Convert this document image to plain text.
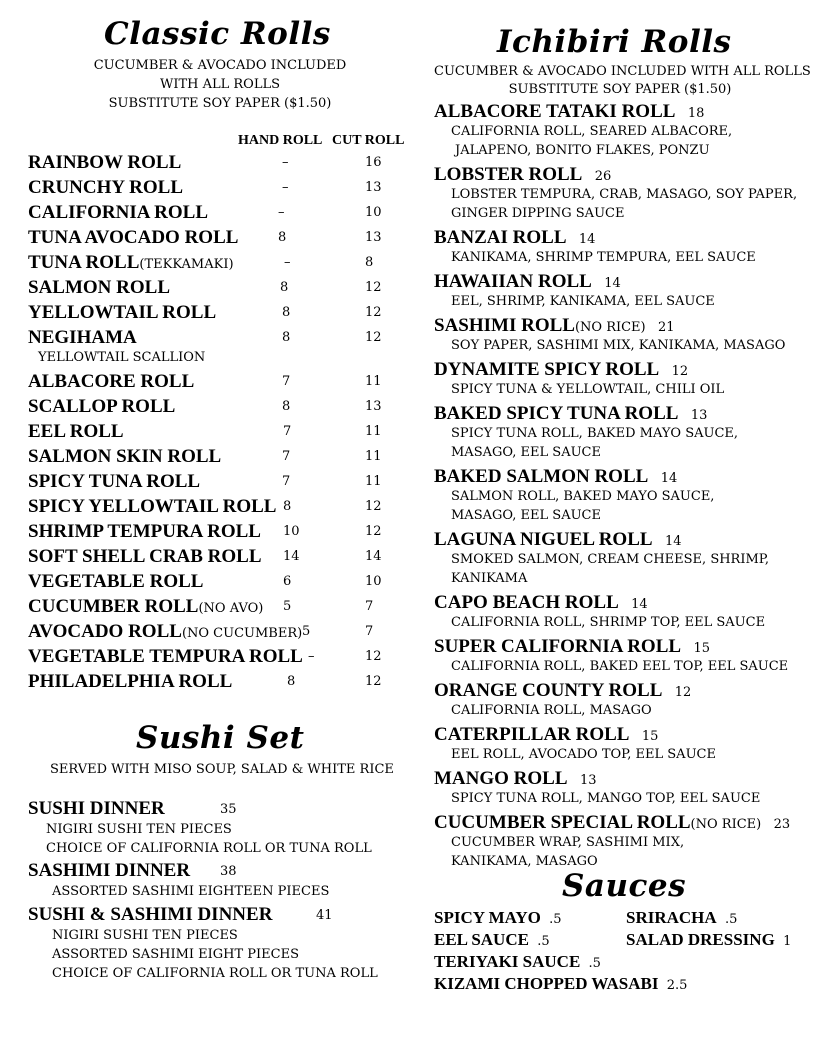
Classic Rolls
CUCUMBER & AVOCADO INCLUDED
WITH ALL ROLLS
SUBSTITUTE SOY PAPER ($1.50)
HAND ROLL CUT ROLL
RAINBOW ROLL	–	16
CRUNCHY ROLL	–	13
CALIFORNIA ROLL	–	10
TUNA AVOCADO ROLL	8	13
TUNA ROLL(TEKKAMAKI)	–	8
SALMON ROLL	8	12
YELLOWTAIL ROLL	8	12
NEGIHAMA	8	12
YELLOWTAIL SCALLION
ALBACORE ROLL	7	11
SCALLOP ROLL	8	13
EEL ROLL	7	11
SALMON SKIN ROLL	7	11
SPICY TUNA ROLL	7	11
SPICY YELLOWTAIL ROLL 8	12
SHRIMP TEMPURA ROLL 10	12
SOFT SHELL CRAB ROLL 14	14
VEGETABLE ROLL	6	10
CUCUMBER ROLL(NO AVO) 5	7
AVOCADO ROLL(NO CUCUMBER) 5	7
VEGETABLE TEMPURA ROLL –	12
PHILADELPHIA ROLL	8	12
Sushi Set
SERVED WITH MISO SOUP, SALAD & WHITE RICE
SUSHI DINNER	35
NIGIRI SUSHI TEN PIECES
CHOICE OF CALIFORNIA ROLL OR TUNA ROLL
SASHIMI DINNER 38
ASSORTED SASHIMI EIGHTEEN PIECES
SUSHI & SASHIMI DINNER	41
NIGIRI SUSHI TEN PIECES
ASSORTED SASHIMI EIGHT PIECES
CHOICE OF CALIFORNIA ROLL OR TUNA ROLL
Ichibiri Rolls
CUCUMBER & AVOCADO INCLUDED WITH ALL ROLLS
SUBSTITUTE SOY PAPER ($1.50)
ALBACORE TATAKI ROLL 18
CALIFORNIA ROLL, SEARED ALBACORE,
JALAPENO, BONITO FLAKES, PONZU
LOBSTER ROLL 26
LOBSTER TEMPURA, CRAB, MASAGO, SOY PAPER,
GINGER DIPPING SAUCE
BANZAI ROLL 14
KANIKAMA, SHRIMP TEMPURA, EEL SAUCE
HAWAIIAN ROLL 14
EEL, SHRIMP, KANIKAMA, EEL SAUCE
SASHIMI ROLL(NO RICE) 21
SOY PAPER, SASHIMI MIX, KANIKAMA, MASAGO
DYNAMITE SPICY ROLL 12
SPICY TUNA & YELLOWTAIL, CHILI OIL
BAKED SPICY TUNA ROLL 13
SPICY TUNA ROLL, BAKED MAYO SAUCE,
MASAGO, EEL SAUCE
BAKED SALMON ROLL 14
SALMON ROLL, BAKED MAYO SAUCE,
MASAGO, EEL SAUCE
LAGUNA NIGUEL ROLL 14
SMOKED SALMON, CREAM CHEESE, SHRIMP,
KANIKAMA
CAPO BEACH ROLL 14
CALIFORNIA ROLL, SHRIMP TOP, EEL SAUCE
SUPER CALIFORNIA ROLL 15
CALIFORNIA ROLL, BAKED EEL TOP, EEL SAUCE
ORANGE COUNTY ROLL 12
CALIFORNIA ROLL, MASAGO
CATERPILLAR ROLL 15
EEL ROLL, AVOCADO TOP, EEL SAUCE
MANGO ROLL 13
SPICY TUNA ROLL, MANGO TOP, EEL SAUCE
CUCUMBER SPECIAL ROLL(NO RICE) 23
CUCUMBER WRAP, SASHIMI MIX,
KANIKAMA, MASAGO
Sauces
SPICY MAYO .5	SRIRACHA .5
EEL SAUCE .5	SALAD DRESSING 1
TERIYAKI SAUCE .5
KIZAMI CHOPPED WASABI 2.5
